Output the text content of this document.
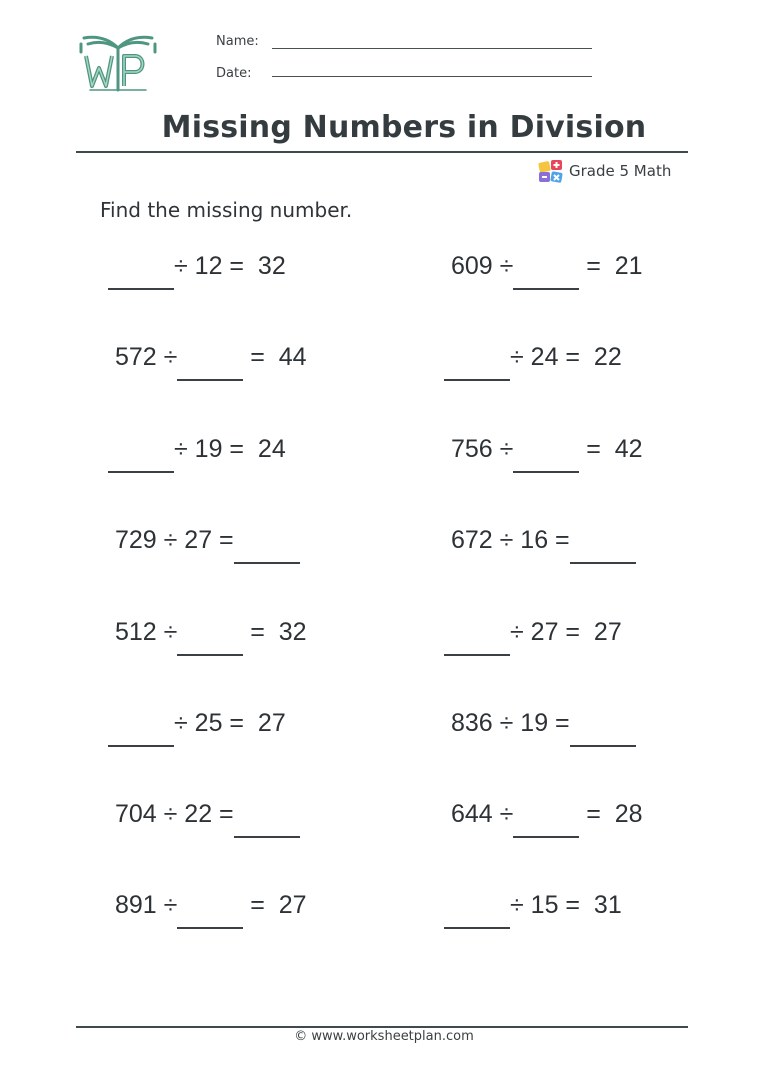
Name:
Date:
Missing Numbers in Division
Grade 5 Math
Find the missing number.
÷ 12 =  32	609 ÷	=  21
572 ÷	=  44	÷ 24 =  22
÷ 19 =  24	756 ÷	=  42
729 ÷ 27 =	672 ÷ 16 =
512 ÷	=  32	÷ 27 =  27
÷ 25 =  27	836 ÷ 19 =
704 ÷ 22 =	644 ÷	=  28
891 ÷	=  27	÷ 15 =  31
© www.worksheetplan.com
